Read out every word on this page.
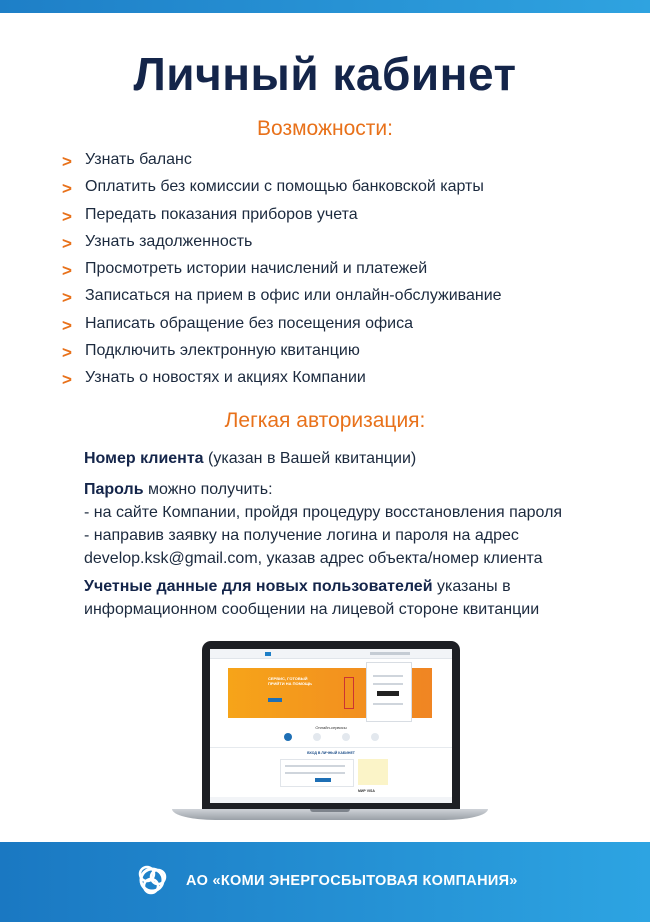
Личный кабинет
Возможности:
> Узнать баланс
> Оплатить без комиссии с помощью банковской карты
> Передать показания приборов учета
> Узнать задолженность
> Просмотреть истории начислений и платежей
> Записаться на прием в офис или онлайн-обслуживание
> Написать обращение без посещения офиса
> Подключить электронную квитанцию
> Узнать о новостях и акциях Компании
Легкая авторизация:
Номер клиента (указан в Вашей квитанции)
Пароль можно получить:
- на сайте Компании, пройдя процедуру восстановления пароля
- направив заявку на получение логина и пароля на адрес
develop.ksk@gmail.com, указав адрес объекта/номер клиента
Учетные данные для новых пользователей указаны в
информационном сообщении на лицевой стороне квитанции
СЕРВИС, ГОТОВЫЙ ПРИЙТИ НА ПОМОЩЬ
Онлайн-сервисы
ВХОД В ЛИЧНЫЙ КАБИНЕТ
МИР VISA
АО «КОМИ ЭНЕРГОСБЫТОВАЯ КОМПАНИЯ»
